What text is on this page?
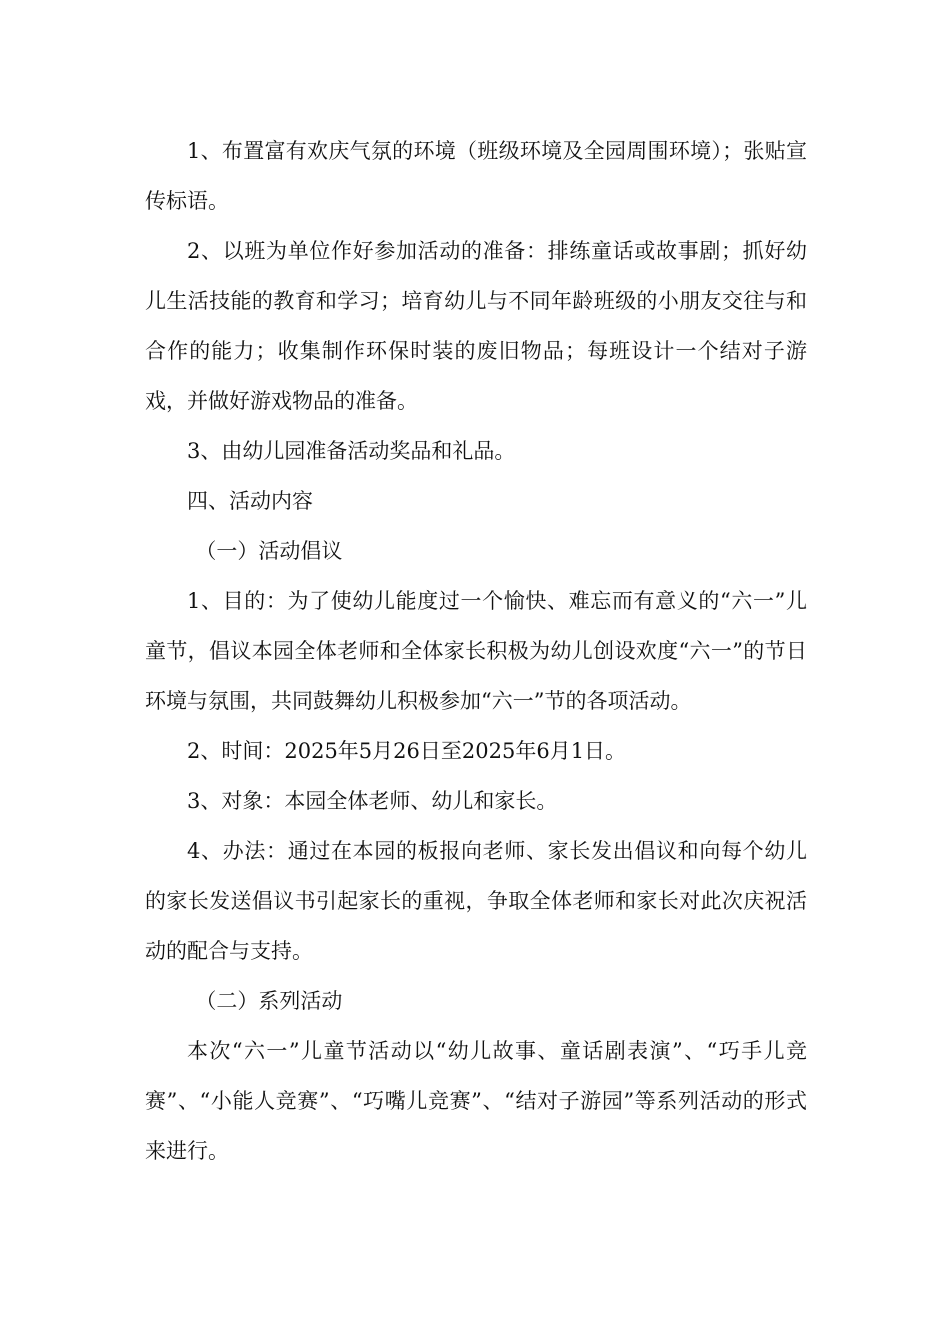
1、布置富有欢庆气氛的环境（班级环境及全园周围环境）；张贴宣传标语。

2、以班为单位作好参加活动的准备：排练童话或故事剧；抓好幼儿生活技能的教育和学习；培育幼儿与不同年龄班级的小朋友交往与和合作的能力；收集制作环保时装的废旧物品；每班设计一个结对子游戏，并做好游戏物品的准备。

3、由幼儿园准备活动奖品和礼品。

四、活动内容

（一）活动倡议

1、目的：为了使幼儿能度过一个愉快、难忘而有意义的“六一”儿童节，倡议本园全体老师和全体家长积极为幼儿创设欢度“六一”的节日环境与氛围，共同鼓舞幼儿积极参加“六一”节的各项活动。

2、时间：2025年5月26日至2025年6月1日。

3、对象：本园全体老师、幼儿和家长。

4、办法：通过在本园的板报向老师、家长发出倡议和向每个幼儿的家长发送倡议书引起家长的重视，争取全体老师和家长对此次庆祝活动的配合与支持。

（二）系列活动

本次“六一”儿童节活动以“幼儿故事、童话剧表演”、“巧手儿竞赛”、“小能人竞赛”、“巧嘴儿竞赛”、“结对子游园”等系列活动的形式来进行。
